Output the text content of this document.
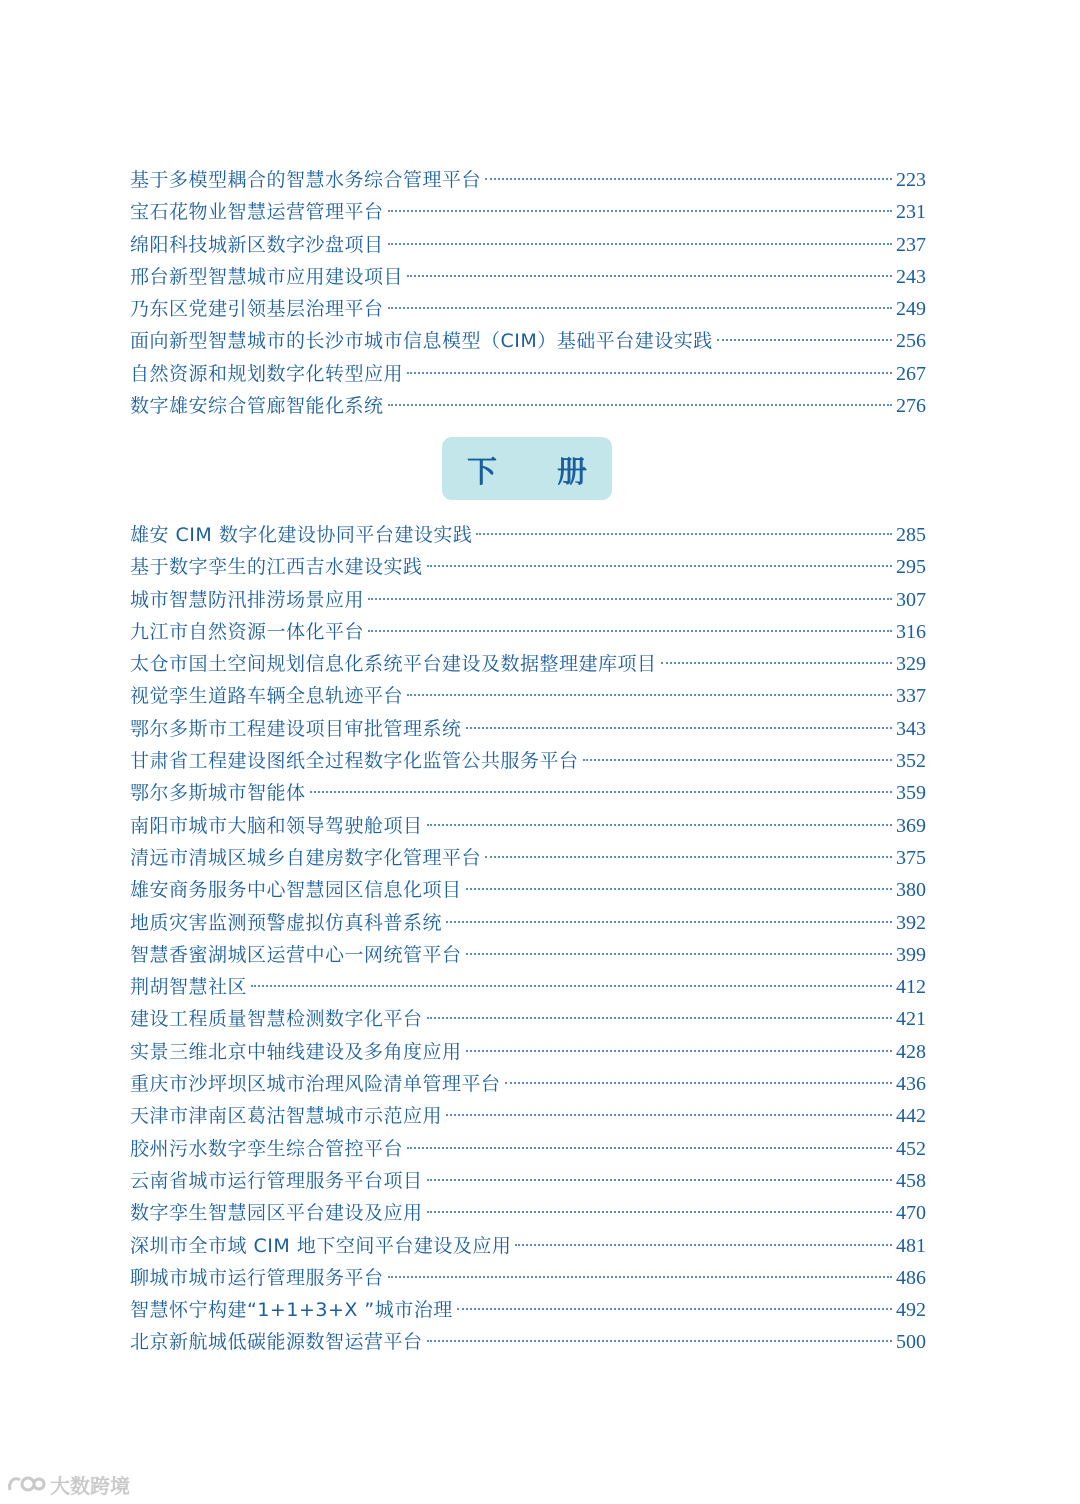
基于多模型耦合的智慧水务综合管理平台	223
宝石花物业智慧运营管理平台	231
绵阳科技城新区数字沙盘项目	237
邢台新型智慧城市应用建设项目	243
乃东区党建引领基层治理平台	249
面向新型智慧城市的长沙市城市信息模型（CIM）基础平台建设实践	256
自然资源和规划数字化转型应用	267
数字雄安综合管廊智能化系统	276
下册
雄安 CIM 数字化建设协同平台建设实践	285
基于数字孪生的江西吉水建设实践	295
城市智慧防汛排涝场景应用	307
九江市自然资源一体化平台	316
太仓市国土空间规划信息化系统平台建设及数据整理建库项目	329
视觉孪生道路车辆全息轨迹平台	337
鄂尔多斯市工程建设项目审批管理系统	343
甘肃省工程建设图纸全过程数字化监管公共服务平台	352
鄂尔多斯城市智能体	359
南阳市城市大脑和领导驾驶舱项目	369
清远市清城区城乡自建房数字化管理平台	375
雄安商务服务中心智慧园区信息化项目	380
地质灾害监测预警虚拟仿真科普系统	392
智慧香蜜湖城区运营中心一网统管平台	399
荆胡智慧社区	412
建设工程质量智慧检测数字化平台	421
实景三维北京中轴线建设及多角度应用	428
重庆市沙坪坝区城市治理风险清单管理平台	436
天津市津南区葛沽智慧城市示范应用	442
胶州污水数字孪生综合管控平台	452
云南省城市运行管理服务平台项目	458
数字孪生智慧园区平台建设及应用	470
深圳市全市域 CIM 地下空间平台建设及应用	481
聊城市城市运行管理服务平台	486
智慧怀宁构建“1+1+3+X ”城市治理	492
北京新航城低碳能源数智运营平台	500
大数跨境
